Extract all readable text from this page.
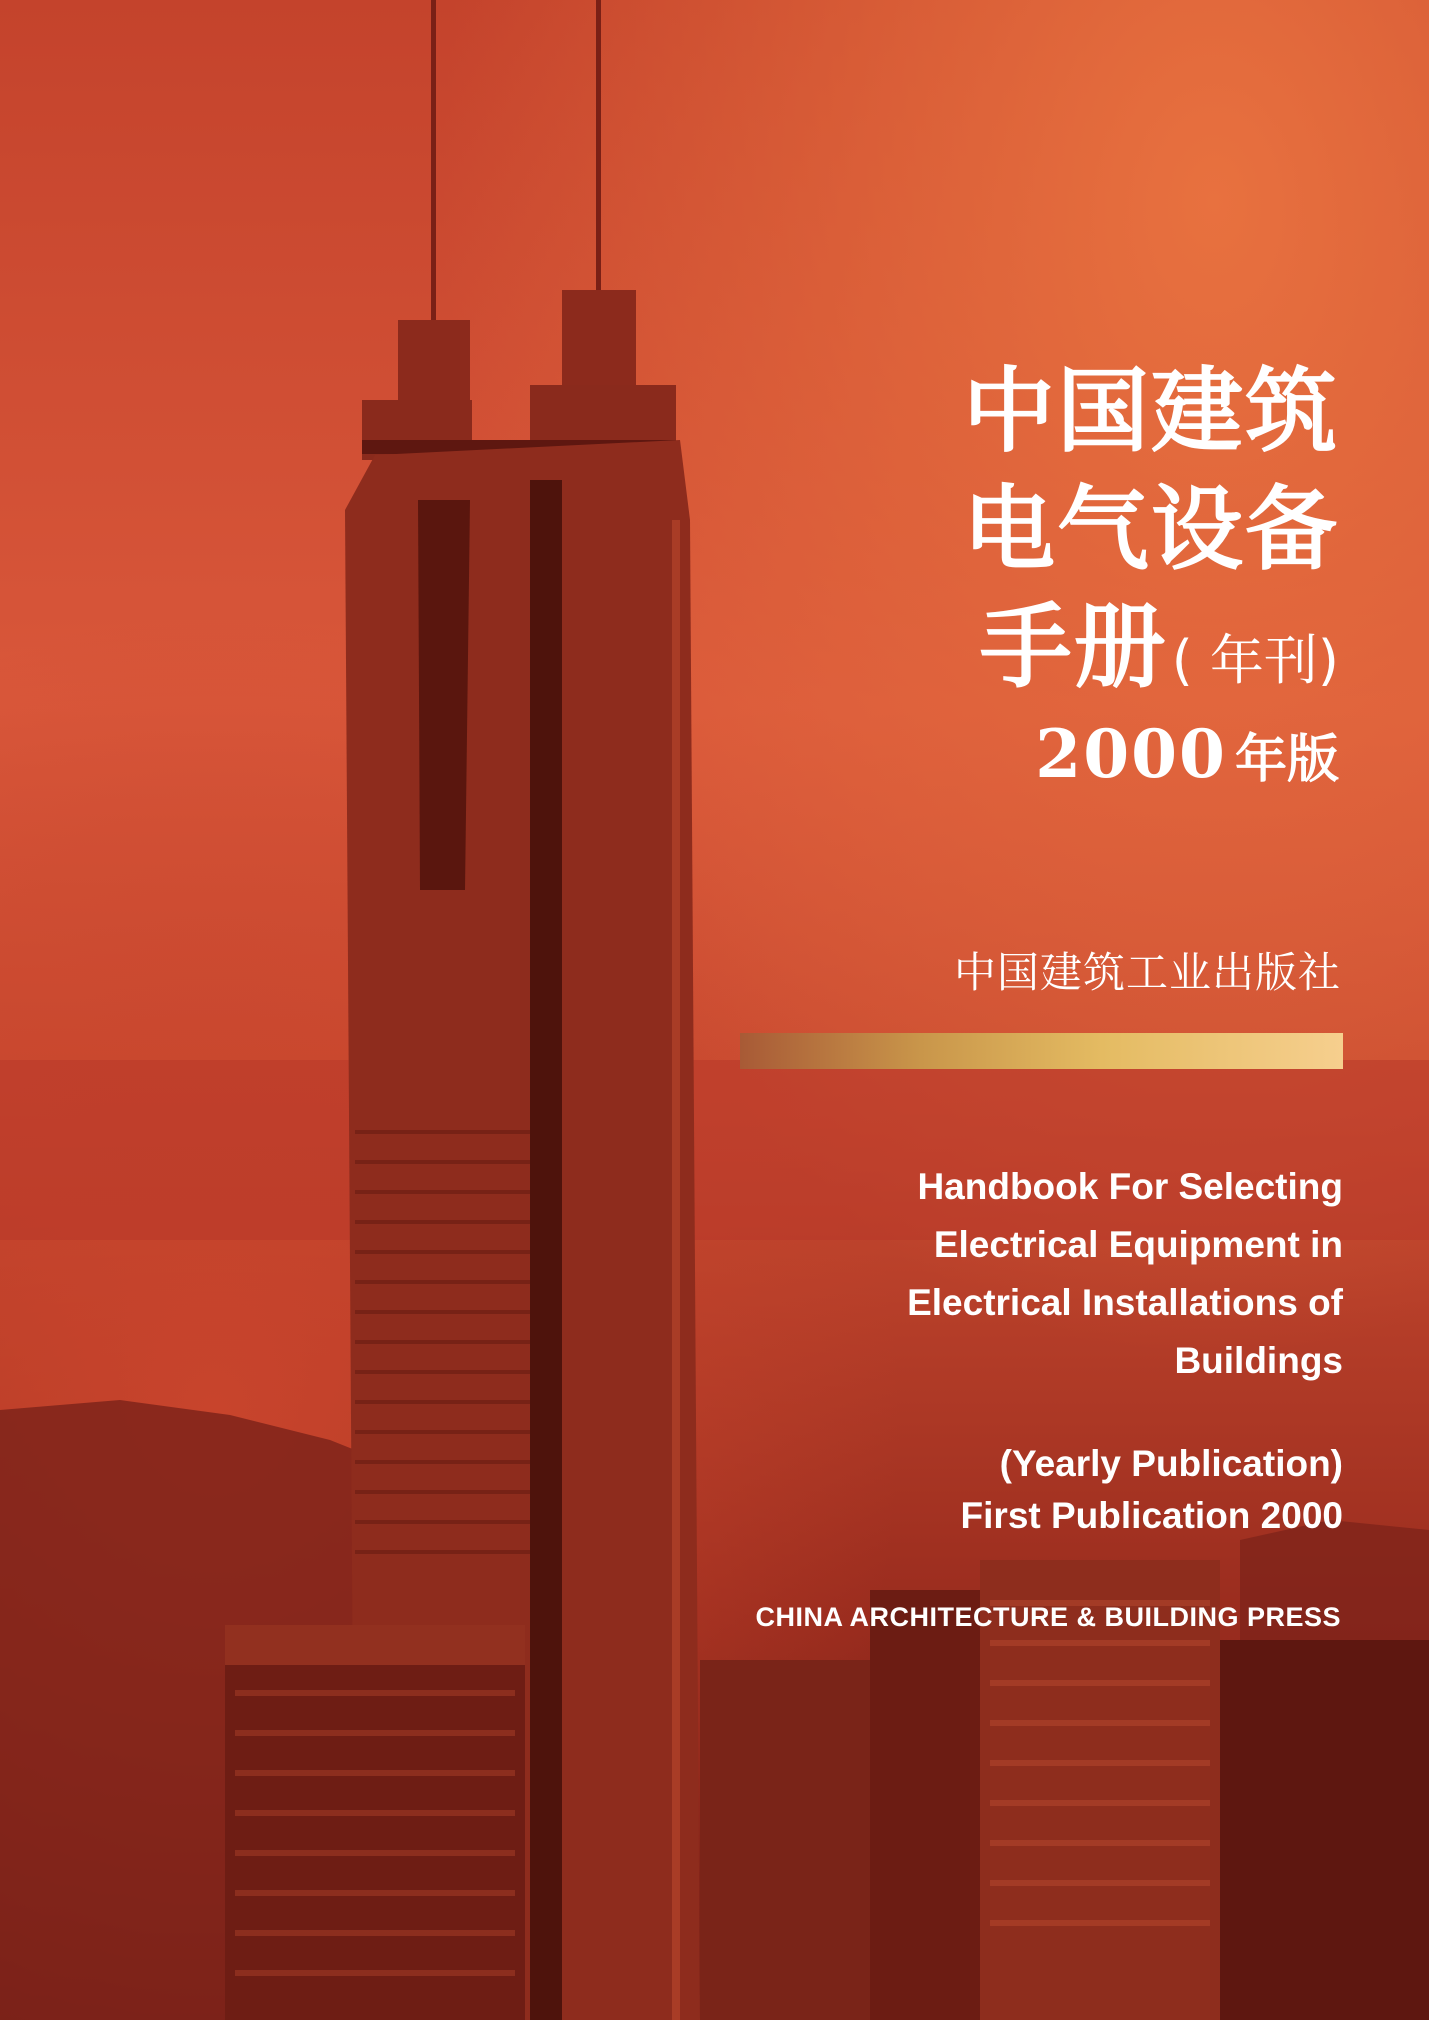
中国建筑
电气设备
手册( 年刊)
2000 年版
中国建筑工业出版社
Handbook For Selecting
Electrical Equipment in
Electrical Installations of
Buildings
(Yearly Publication)
First Publication 2000
CHINA ARCHITECTURE & BUILDING PRESS
